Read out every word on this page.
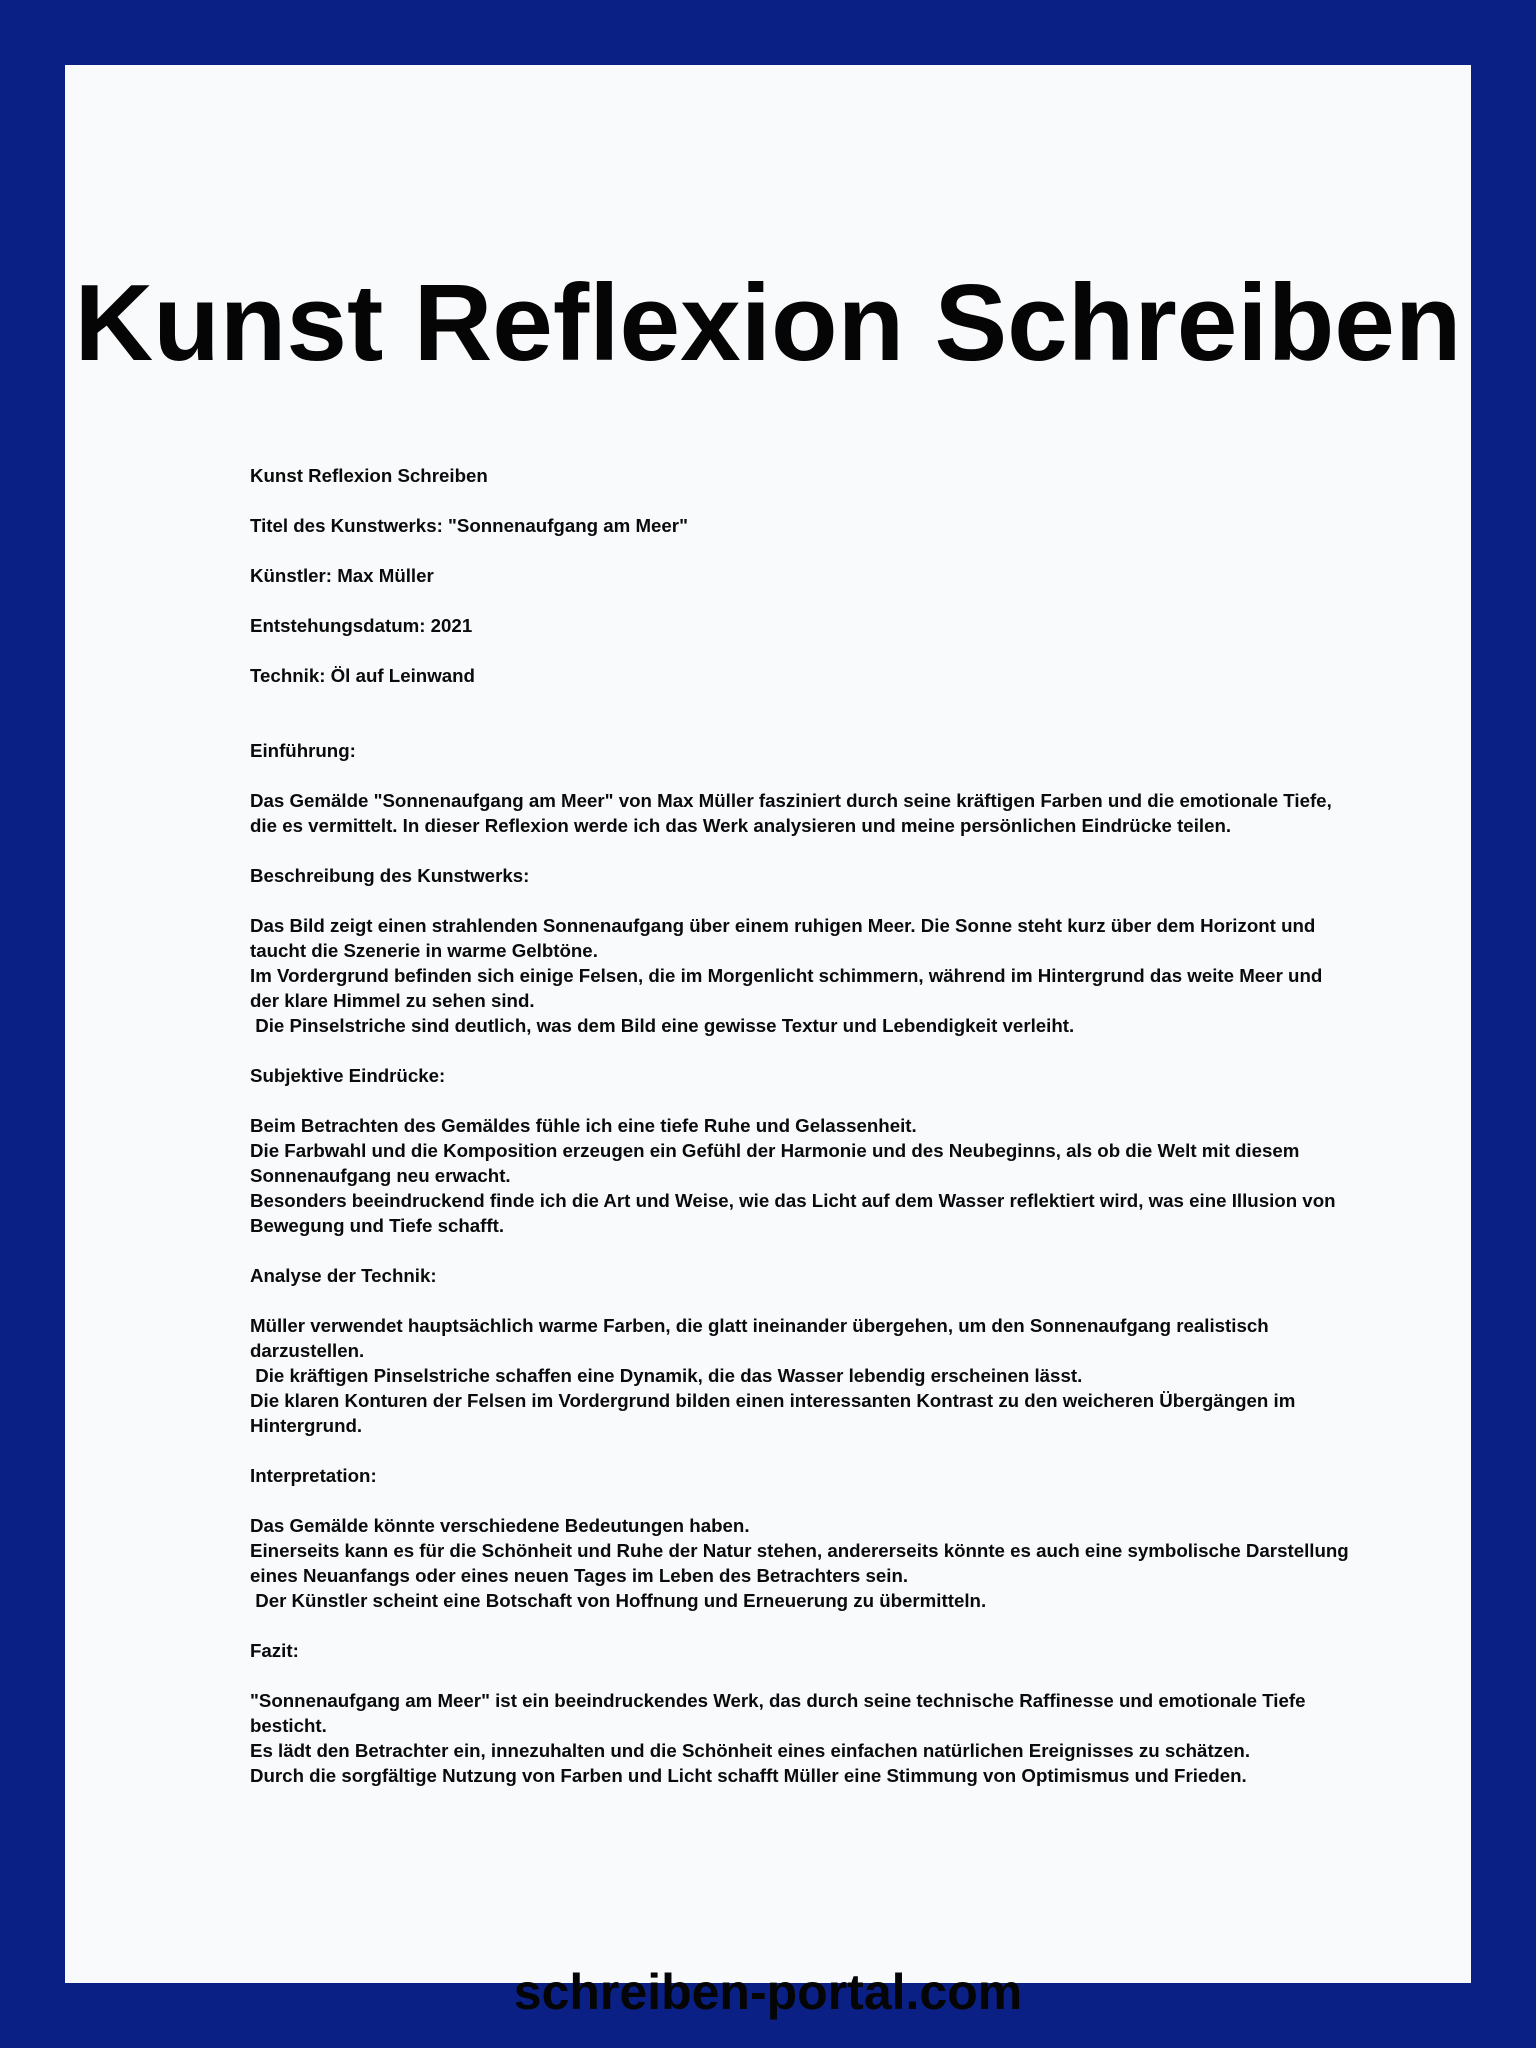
Kunst Reflexion Schreiben

Kunst Reflexion Schreiben

Titel des Kunstwerks: "Sonnenaufgang am Meer"

Künstler: Max Müller

Entstehungsdatum: 2021

Technik: Öl auf Leinwand

Einführung:

Das Gemälde "Sonnenaufgang am Meer" von Max Müller fasziniert durch seine kräftigen Farben und die emotionale Tiefe, die es vermittelt. In dieser Reflexion werde ich das Werk analysieren und meine persönlichen Eindrücke teilen.

Beschreibung des Kunstwerks:

Das Bild zeigt einen strahlenden Sonnenaufgang über einem ruhigen Meer. Die Sonne steht kurz über dem Horizont und taucht die Szenerie in warme Gelbtöne.

Im Vordergrund befinden sich einige Felsen, die im Morgenlicht schimmern, während im Hintergrund das weite Meer und der klare Himmel zu sehen sind.

Die Pinselstriche sind deutlich, was dem Bild eine gewisse Textur und Lebendigkeit verleiht.

Subjektive Eindrücke:

Beim Betrachten des Gemäldes fühle ich eine tiefe Ruhe und Gelassenheit.

Die Farbwahl und die Komposition erzeugen ein Gefühl der Harmonie und des Neubeginns, als ob die Welt mit diesem Sonnenaufgang neu erwacht.

Besonders beeindruckend finde ich die Art und Weise, wie das Licht auf dem Wasser reflektiert wird, was eine Illusion von Bewegung und Tiefe schafft.

Analyse der Technik:

Müller verwendet hauptsächlich warme Farben, die glatt ineinander übergehen, um den Sonnenaufgang realistisch darzustellen.

Die kräftigen Pinselstriche schaffen eine Dynamik, die das Wasser lebendig erscheinen lässt.

Die klaren Konturen der Felsen im Vordergrund bilden einen interessanten Kontrast zu den weicheren Übergängen im Hintergrund.

Interpretation:

Das Gemälde könnte verschiedene Bedeutungen haben.

Einerseits kann es für die Schönheit und Ruhe der Natur stehen, andererseits könnte es auch eine symbolische Darstellung eines Neuanfangs oder eines neuen Tages im Leben des Betrachters sein.

Der Künstler scheint eine Botschaft von Hoffnung und Erneuerung zu übermitteln.

Fazit:

"Sonnenaufgang am Meer" ist ein beeindruckendes Werk, das durch seine technische Raffinesse und emotionale Tiefe besticht.

Es lädt den Betrachter ein, innezuhalten und die Schönheit eines einfachen natürlichen Ereignisses zu schätzen.

Durch die sorgfältige Nutzung von Farben und Licht schafft Müller eine Stimmung von Optimismus und Frieden.

schreiben-portal.com
